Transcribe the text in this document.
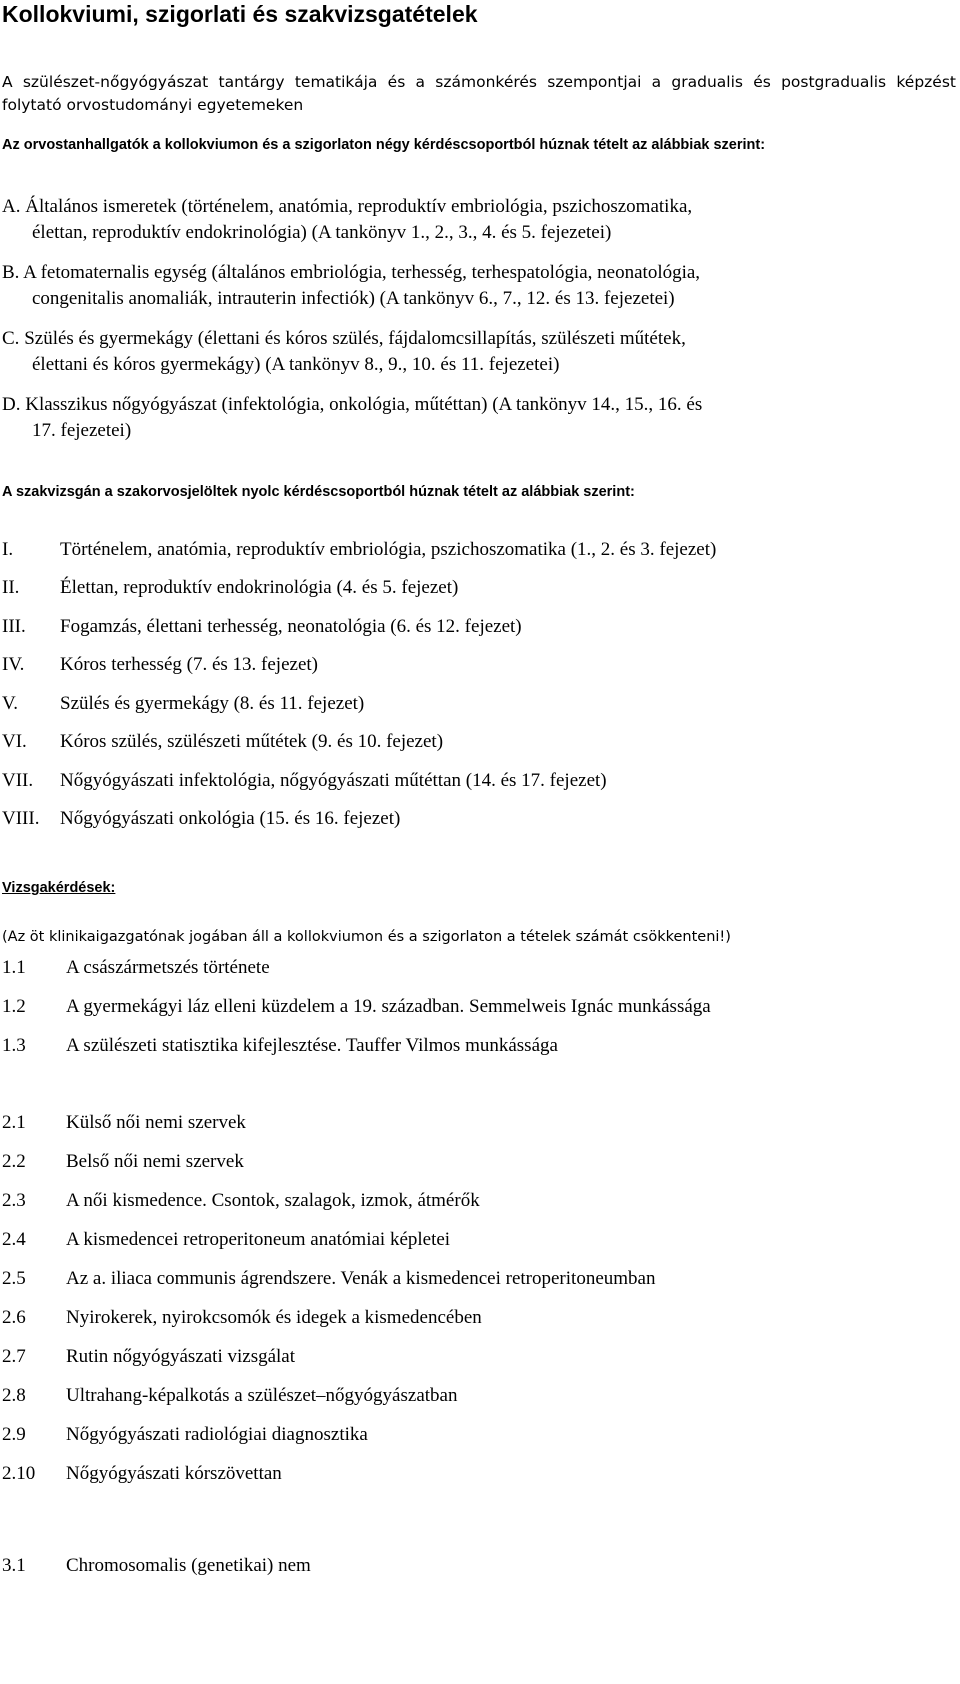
Kollokviumi, szigorlati és szakvizsgatételek
A szülészet-nőgyógyászat tantárgy tematikája és a számonkérés szempontjai a gradualis és postgradualis képzést folytató orvostudományi egyetemeken
Az orvostanhallgatók a kollokviumon és a szigorlaton négy kérdéscsoportból húznak tételt az alábbiak szerint:
A. Általános ismeretek (történelem, anatómia, reproduktív embriológia, pszichoszomatika,
élettan, reproduktív endokrinológia) (A tankönyv 1., 2., 3., 4. és 5. fejezetei)
B. A fetomaternalis egység (általános embriológia, terhesség, terhespatológia, neonatológia,
congenitalis anomaliák, intrauterin infectiók) (A tankönyv 6., 7., 12. és 13. fejezetei)
C. Szülés és gyermekágy (élettani és kóros szülés, fájdalomcsillapítás, szülészeti műtétek,
élettani és kóros gyermekágy) (A tankönyv 8., 9., 10. és 11. fejezetei)
D. Klasszikus nőgyógyászat (infektológia, onkológia, műtéttan) (A tankönyv 14., 15., 16. és
17. fejezetei)
A szakvizsgán a szakorvosjelöltek nyolc kérdéscsoportból húznak tételt az alábbiak szerint:
I. Történelem, anatómia, reproduktív embriológia, pszichoszomatika (1., 2. és 3. fejezet)
II. Élettan, reproduktív endokrinológia (4. és 5. fejezet)
III. Fogamzás, élettani terhesség, neonatológia (6. és 12. fejezet)
IV. Kóros terhesség (7. és 13. fejezet)
V. Szülés és gyermekágy (8. és 11. fejezet)
VI. Kóros szülés, szülészeti műtétek (9. és 10. fejezet)
VII. Nőgyógyászati infektológia, nőgyógyászati műtéttan (14. és 17. fejezet)
VIII. Nőgyógyászati onkológia (15. és 16. fejezet)
Vizsgakérdések:
(Az öt klinikaigazgatónak jogában áll a kollokviumon és a szigorlaton a tételek számát csökkenteni!)
1.1 A császármetszés története
1.2 A gyermekágyi láz elleni küzdelem a 19. században. Semmelweis Ignác munkássága
1.3 A szülészeti statisztika kifejlesztése. Tauffer Vilmos munkássága
2.1 Külső női nemi szervek
2.2 Belső női nemi szervek
2.3 A női kismedence. Csontok, szalagok, izmok, átmérők
2.4 A kismedencei retroperitoneum anatómiai képletei
2.5 Az a. iliaca communis ágrendszere. Venák a kismedencei retroperitoneumban
2.6 Nyirokerek, nyirokcsomók és idegek a kismedencében
2.7 Rutin nőgyógyászati vizsgálat
2.8 Ultrahang-képalkotás a szülészet–nőgyógyászatban
2.9 Nőgyógyászati radiológiai diagnosztika
2.10 Nőgyógyászati kórszövettan
3.1 Chromosomalis (genetikai) nem
